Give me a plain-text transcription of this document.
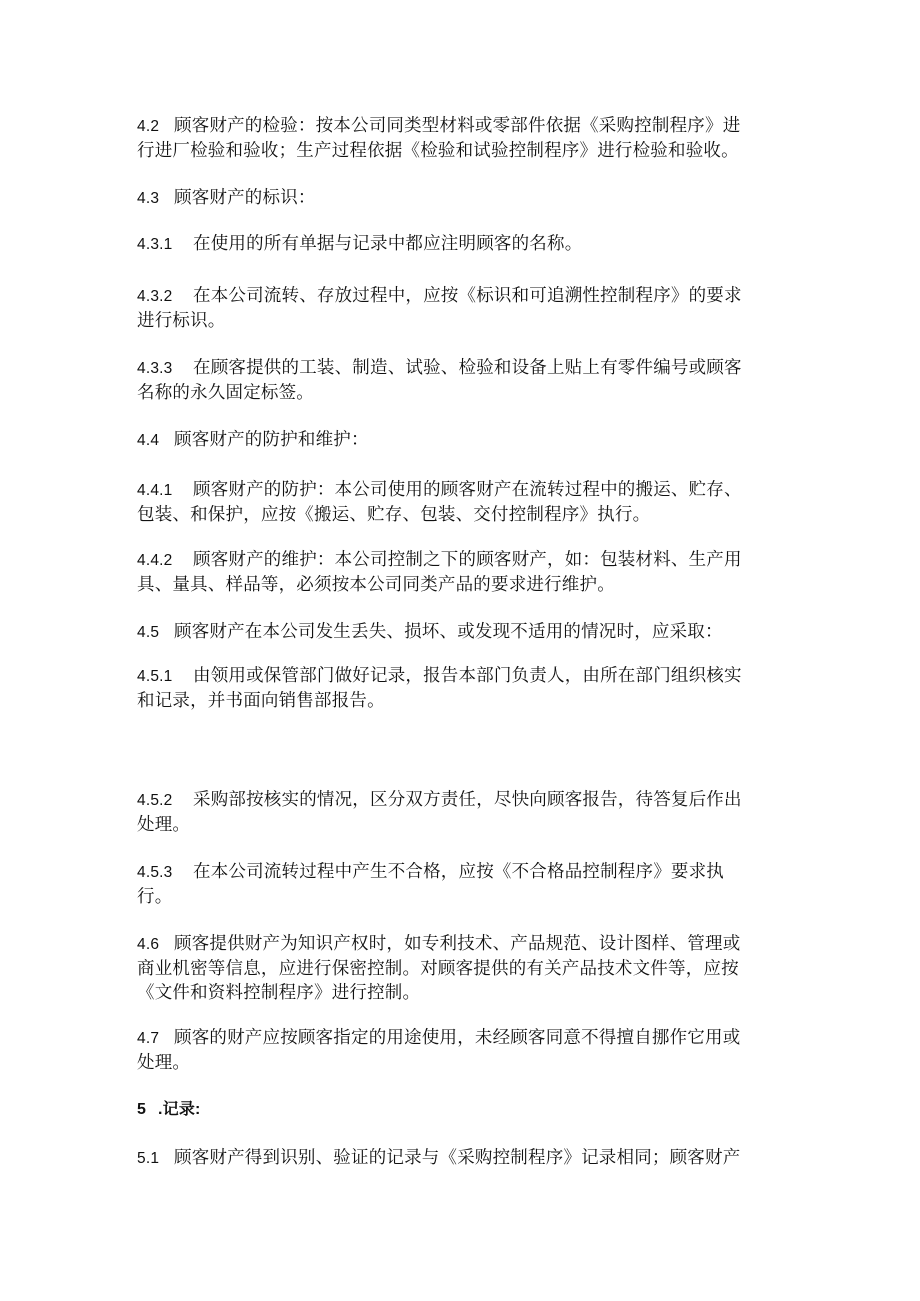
4.2 顾客财产的检验：按本公司同类型材料或零部件依据《采购控制程序》进
行进厂检验和验收；生产过程依据《检验和试验控制程序》进行检验和验收。
4.3 顾客财产的标识：
4.3.1 在使用的所有单据与记录中都应注明顾客的名称。
4.3.2 在本公司流转、存放过程中，应按《标识和可追溯性控制程序》的要求
进行标识。
4.3.3 在顾客提供的工装、制造、试验、检验和设备上贴上有零件编号或顾客
名称的永久固定标签。
4.4 顾客财产的防护和维护：
4.4.1 顾客财产的防护：本公司使用的顾客财产在流转过程中的搬运、贮存、
包装、和保护，应按《搬运、贮存、包装、交付控制程序》执行。
4.4.2 顾客财产的维护：本公司控制之下的顾客财产，如：包装材料、生产用
具、量具、样品等，必须按本公司同类产品的要求进行维护。
4.5 顾客财产在本公司发生丢失、损坏、或发现不适用的情况时，应采取：
4.5.1 由领用或保管部门做好记录，报告本部门负责人，由所在部门组织核实
和记录，并书面向销售部报告。
4.5.2 采购部按核实的情况，区分双方责任，尽快向顾客报告，待答复后作出
处理。
4.5.3 在本公司流转过程中产生不合格，应按《不合格品控制程序》要求执
行。
4.6 顾客提供财产为知识产权时，如专利技术、产品规范、设计图样、管理或
商业机密等信息，应进行保密控制。对顾客提供的有关产品技术文件等，应按
《文件和资料控制程序》进行控制。
4.7 顾客的财产应按顾客指定的用途使用，未经顾客同意不得擅自挪作它用或
处理。
5 .记录:
5.1 顾客财产得到识别、验证的记录与《采购控制程序》记录相同；顾客财产
